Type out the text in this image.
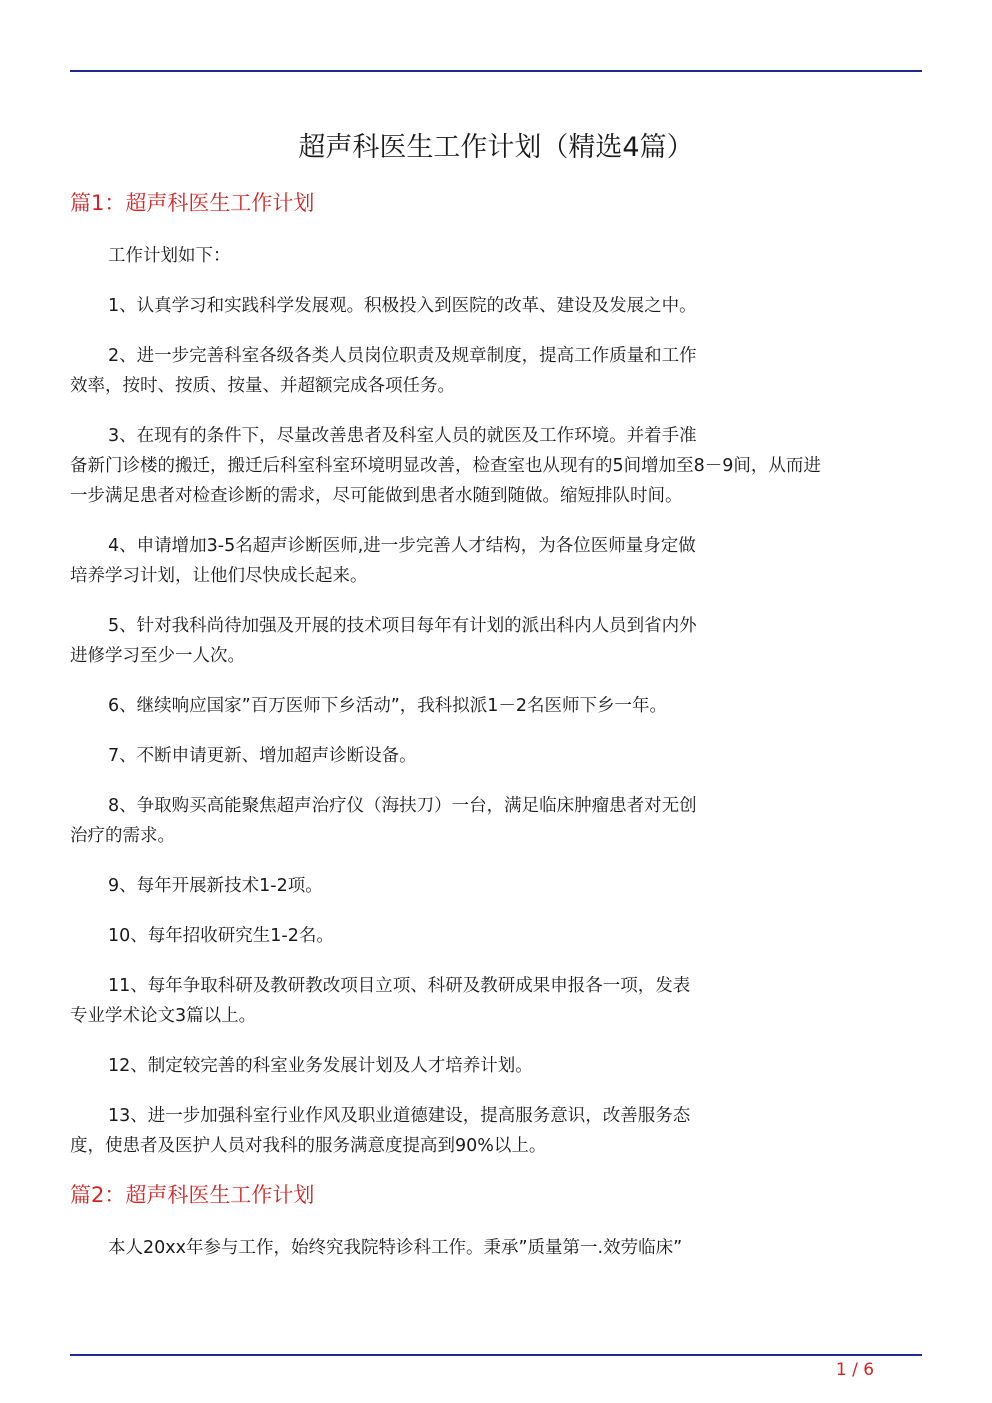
超声科医生工作计划（精选4篇）
篇1：超声科医生工作计划
工作计划如下：
1、认真学习和实践科学发展观。积极投入到医院的改革、建设及发展之中。
2、进一步完善科室各级各类人员岗位职责及规章制度，提高工作质量和工作
效率，按时、按质、按量、并超额完成各项任务。
3、在现有的条件下，尽量改善患者及科室人员的就医及工作环境。并着手准
备新门诊楼的搬迁，搬迁后科室科室环境明显改善，检查室也从现有的5间增加至8－9间，从而进
一步满足患者对检查诊断的需求，尽可能做到患者水随到随做。缩短排队时间。
4、申请增加3-5名超声诊断医师,进一步完善人才结构，为各位医师量身定做
培养学习计划，让他们尽快成长起来。
5、针对我科尚待加强及开展的技术项目每年有计划的派出科内人员到省内外
进修学习至少一人次。
6、继续响应国家”百万医师下乡活动”，我科拟派1－2名医师下乡一年。
7、不断申请更新、增加超声诊断设备。
8、争取购买高能聚焦超声治疗仪（海扶刀）一台，满足临床肿瘤患者对无创
治疗的需求。
9、每年开展新技术1-2项。
10、每年招收研究生1-2名。
11、每年争取科研及教研教改项目立项、科研及教研成果申报各一项，发表
专业学术论文3篇以上。
12、制定较完善的科室业务发展计划及人才培养计划。
13、进一步加强科室行业作风及职业道德建设，提高服务意识，改善服务态
度，使患者及医护人员对我科的服务满意度提高到90%以上。
篇2：超声科医生工作计划
本人20xx年参与工作，始终究我院特诊科工作。秉承”质量第一.效劳临床”
1 / 6
